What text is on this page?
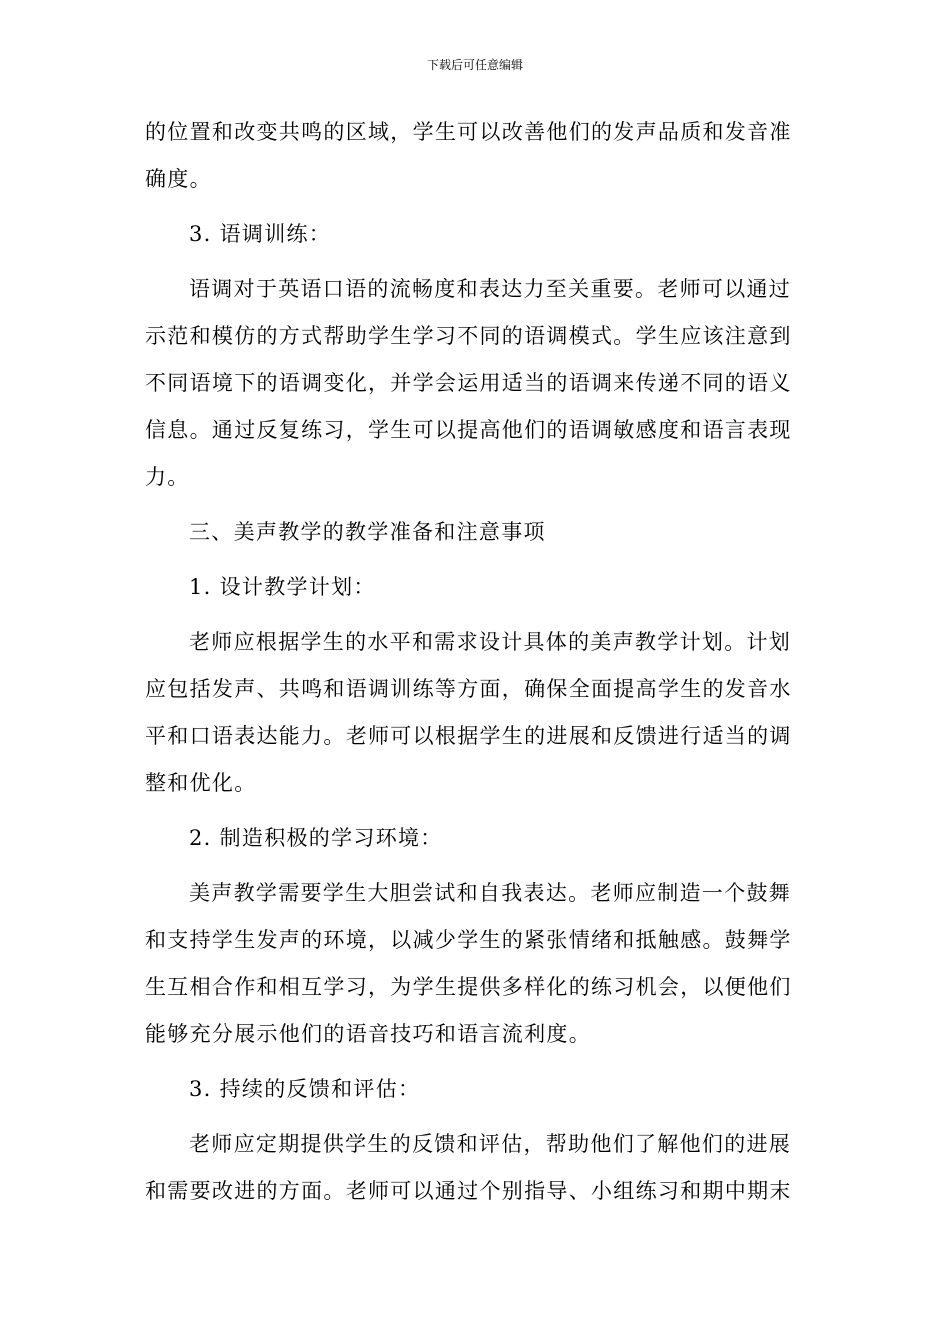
下载后可任意编辑
的位置和改变共鸣的区域，学生可以改善他们的发声品质和发音准
确度。
3. 语调训练：
语调对于英语口语的流畅度和表达力至关重要。老师可以通过
示范和模仿的方式帮助学生学习不同的语调模式。学生应该注意到
不同语境下的语调变化，并学会运用适当的语调来传递不同的语义
信息。通过反复练习，学生可以提高他们的语调敏感度和语言表现
力。
三、美声教学的教学准备和注意事项
1. 设计教学计划：
老师应根据学生的水平和需求设计具体的美声教学计划。计划
应包括发声、共鸣和语调训练等方面，确保全面提高学生的发音水
平和口语表达能力。老师可以根据学生的进展和反馈进行适当的调
整和优化。
2. 制造积极的学习环境：
美声教学需要学生大胆尝试和自我表达。老师应制造一个鼓舞
和支持学生发声的环境，以减少学生的紧张情绪和抵触感。鼓舞学
生互相合作和相互学习，为学生提供多样化的练习机会，以便他们
能够充分展示他们的语音技巧和语言流利度。
3. 持续的反馈和评估：
老师应定期提供学生的反馈和评估，帮助他们了解他们的进展
和需要改进的方面。老师可以通过个别指导、小组练习和期中期末
